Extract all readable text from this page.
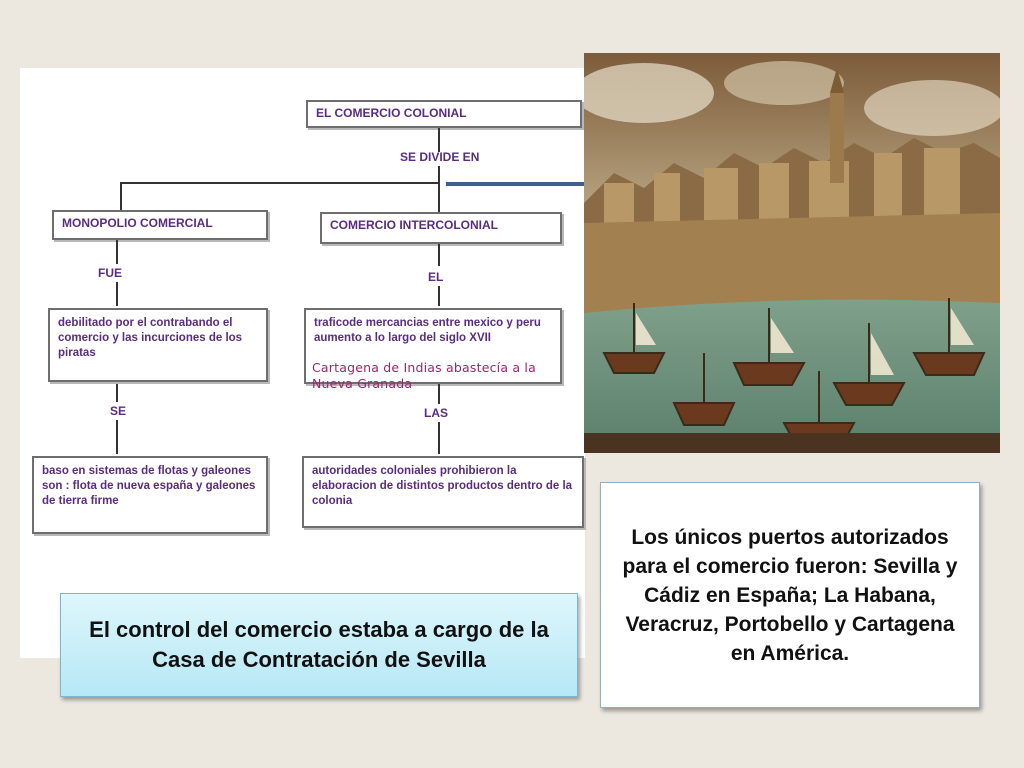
EL COMERCIO COLONIAL
SE DIVIDE EN
MONOPOLIO COMERCIAL
FUE
debilitado por el contrabando el comercio y las incurciones de los piratas
SE
baso en sistemas de flotas y galeones son : flota de nueva españa y galeones de tierra firme
COMERCIO INTERCOLONIAL
EL
traficode mercancias entre mexico y peru aumento a lo largo del siglo XVII
LAS
autoridades coloniales prohibieron la elaboracion de distintos productos dentro de la colonia
Cartagena de Indias abastecía a la Nueva Granada
Los únicos puertos autorizados para el comercio fueron: Sevilla y Cádiz en España; La Habana, Veracruz, Portobello y Cartagena en América.
El control del comercio estaba a cargo de la Casa de Contratación de Sevilla
